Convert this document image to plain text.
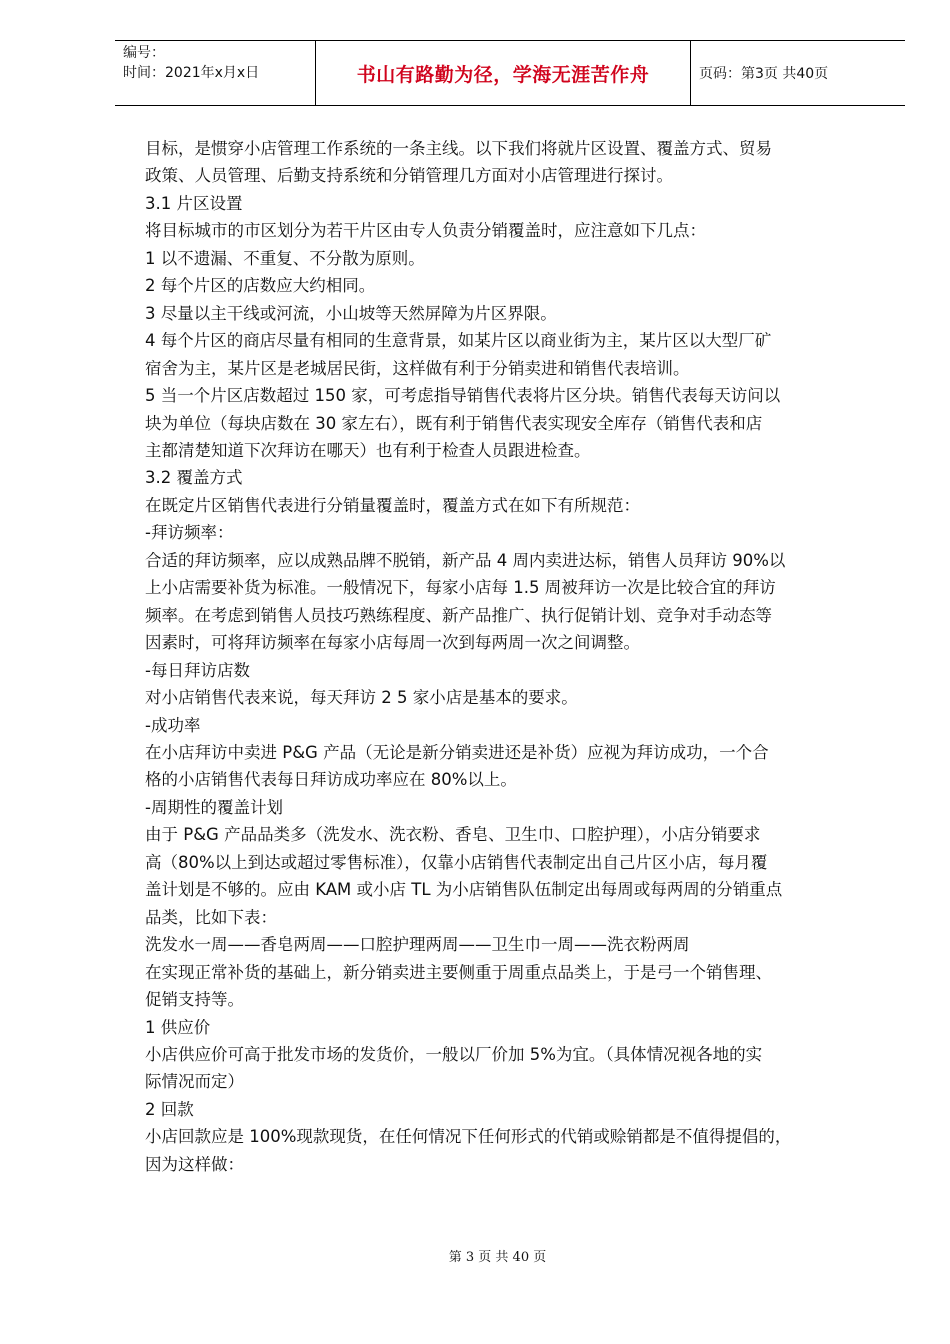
编号：
时间：2021年x月x日	书山有路勤为径，学海无涯苦作舟	页码：第3页 共40页

目标，是惯穿小店管理工作系统的一条主线。以下我们将就片区设置、覆盖方式、贸易

政策、人员管理、后勤支持系统和分销管理几方面对小店管理进行探讨。

3.1 片区设置

将目标城市的市区划分为若干片区由专人负责分销覆盖时，应注意如下几点：

1 以不遗漏、不重复、不分散为原则。

2 每个片区的店数应大约相同。

3 尽量以主干线或河流，小山坡等天然屏障为片区界限。

4 每个片区的商店尽量有相同的生意背景，如某片区以商业街为主，某片区以大型厂矿

宿舍为主，某片区是老城居民街，这样做有利于分销卖进和销售代表培训。

5 当一个片区店数超过 150 家，可考虑指导销售代表将片区分块。销售代表每天访问以

块为单位（每块店数在 30 家左右），既有利于销售代表实现安全库存（销售代表和店

主都清楚知道下次拜访在哪天）也有利于检查人员跟进检查。

3.2 覆盖方式

在既定片区销售代表进行分销量覆盖时，覆盖方式在如下有所规范：

-拜访频率：

合适的拜访频率，应以成熟品牌不脱销，新产品 4 周内卖进达标，销售人员拜访 90%以

上小店需要补货为标准。一般情况下，每家小店每 1.5 周被拜访一次是比较合宜的拜访

频率。在考虑到销售人员技巧熟练程度、新产品推广、执行促销计划、竞争对手动态等

因素时，可将拜访频率在每家小店每周一次到每两周一次之间调整。

-每日拜访店数

对小店销售代表来说，每天拜访 2 5 家小店是基本的要求。

-成功率

在小店拜访中卖进 P&G 产品（无论是新分销卖进还是补货）应视为拜访成功，一个合

格的小店销售代表每日拜访成功率应在 80%以上。

-周期性的覆盖计划

由于 P&G 产品品类多（洗发水、洗衣粉、香皂、卫生巾、口腔护理），小店分销要求

高（80%以上到达或超过零售标准），仅靠小店销售代表制定出自己片区小店，每月覆

盖计划是不够的。应由 KAM 或小店 TL 为小店销售队伍制定出每周或每两周的分销重点

品类，比如下表：

洗发水一周——香皂两周——口腔护理两周——卫生巾一周——洗衣粉两周

在实现正常补货的基础上，新分销卖进主要侧重于周重点品类上，于是弓一个销售理、

促销支持等。

1 供应价

小店供应价可高于批发市场的发货价，一般以厂价加 5%为宜。（具体情况视各地的实

际情况而定）

2 回款

小店回款应是 100%现款现货，在任何情况下任何形式的代销或赊销都是不值得提倡的，

因为这样做：

第 3 页 共 40 页
